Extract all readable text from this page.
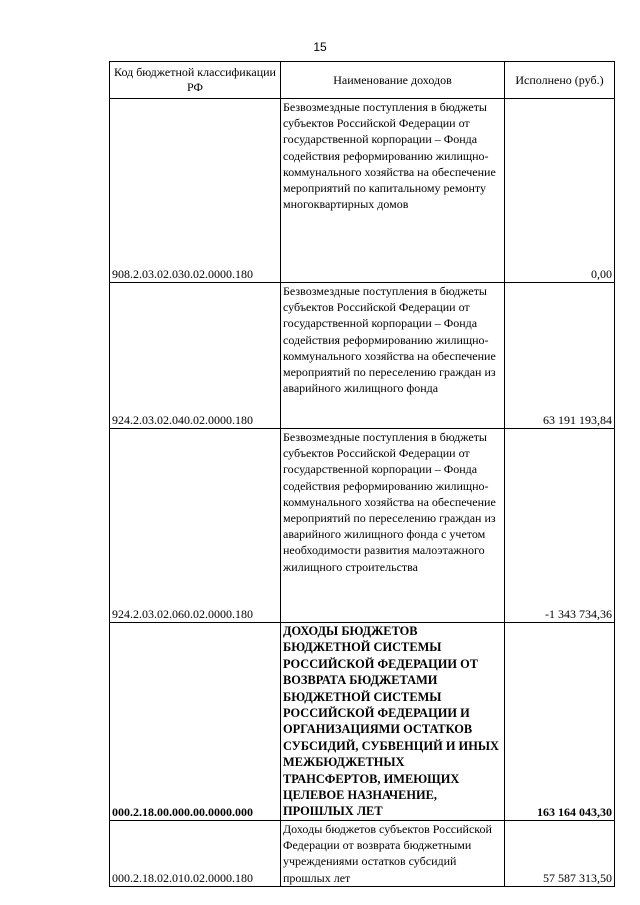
15
Код бюджетной классификации РФ	Наименование доходов	Исполнено (руб.)
908.2.03.02.030.02.0000.180	Безвозмездные поступления в бюджеты субъектов Российской Федерации от государственной корпорации – Фонда содействия реформированию жилищно-коммунального хозяйства на обеспечение мероприятий по капитальному ремонту многоквартирных домов	0,00
924.2.03.02.040.02.0000.180	Безвозмездные поступления в бюджеты субъектов Российской Федерации от государственной корпорации – Фонда содействия реформированию жилищно-коммунального хозяйства на обеспечение мероприятий по переселению граждан из аварийного жилищного фонда	63 191 193,84
924.2.03.02.060.02.0000.180	Безвозмездные поступления в бюджеты субъектов Российской Федерации от государственной корпорации – Фонда содействия реформированию жилищно-коммунального хозяйства на обеспечение мероприятий по переселению граждан из аварийного жилищного фонда с учетом необходимости развития малоэтажного жилищного строительства	-1 343 734,36
000.2.18.00.000.00.0000.000	ДОХОДЫ БЮДЖЕТОВ БЮДЖЕТНОЙ СИСТЕМЫ РОССИЙСКОЙ ФЕДЕРАЦИИ ОТ ВОЗВРАТА БЮДЖЕТАМИ БЮДЖЕТНОЙ СИСТЕМЫ РОССИЙСКОЙ ФЕДЕРАЦИИ И ОРГАНИЗАЦИЯМИ ОСТАТКОВ СУБСИДИЙ, СУБВЕНЦИЙ И ИНЫХ МЕЖБЮДЖЕТНЫХ ТРАНСФЕРТОВ, ИМЕЮЩИХ ЦЕЛЕВОЕ НАЗНАЧЕНИЕ, ПРОШЛЫХ ЛЕТ	163 164 043,30
000.2.18.02.010.02.0000.180	Доходы бюджетов субъектов Российской Федерации от возврата бюджетными учреждениями остатков субсидий прошлых лет	57 587 313,50
